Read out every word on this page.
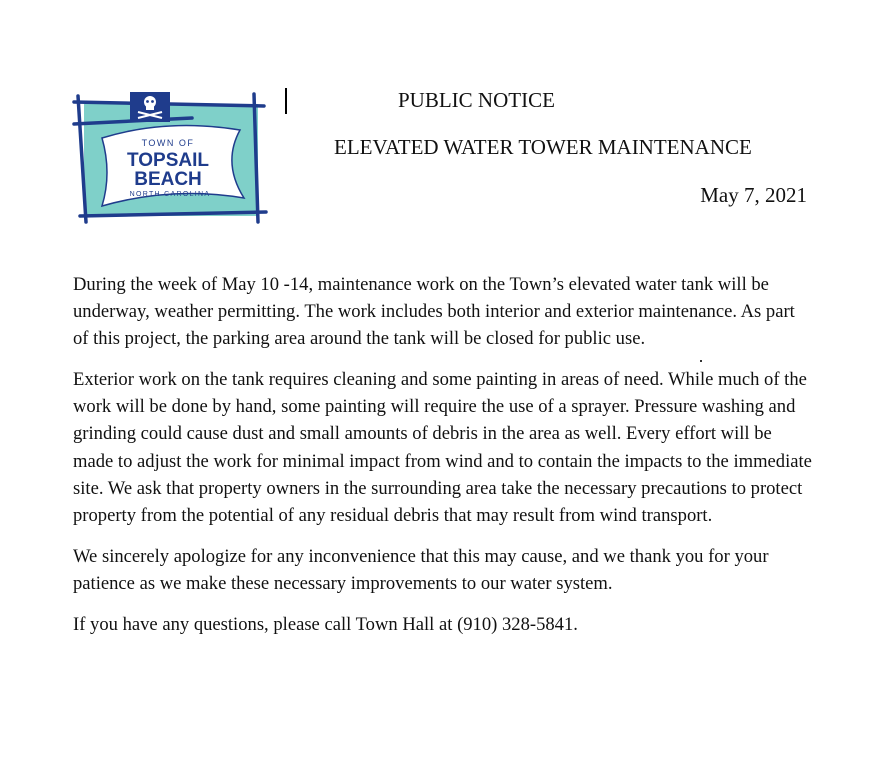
TOWN OF
TOPSAIL
BEACH
NORTH CAROLINA
PUBLIC NOTICE
ELEVATED WATER TOWER MAINTENANCE
May 7, 2021

During the week of May 10 -14, maintenance work on the Town’s elevated water tank will be underway, weather permitting. The work includes both interior and exterior maintenance. As part of this project, the parking area around the tank will be closed for public use.

Exterior work on the tank requires cleaning and some painting in areas of need. While much of the work will be done by hand, some painting will require the use of a sprayer. Pressure washing and grinding could cause dust and small amounts of debris in the area as well. Every effort will be made to adjust the work for minimal impact from wind and to contain the impacts to the immediate site. We ask that property owners in the surrounding area take the necessary precautions to protect property from the potential of any residual debris that may result from wind transport.

We sincerely apologize for any inconvenience that this may cause, and we thank you for your patience as we make these necessary improvements to our water system.

If you have any questions, please call Town Hall at (910) 328-5841.
